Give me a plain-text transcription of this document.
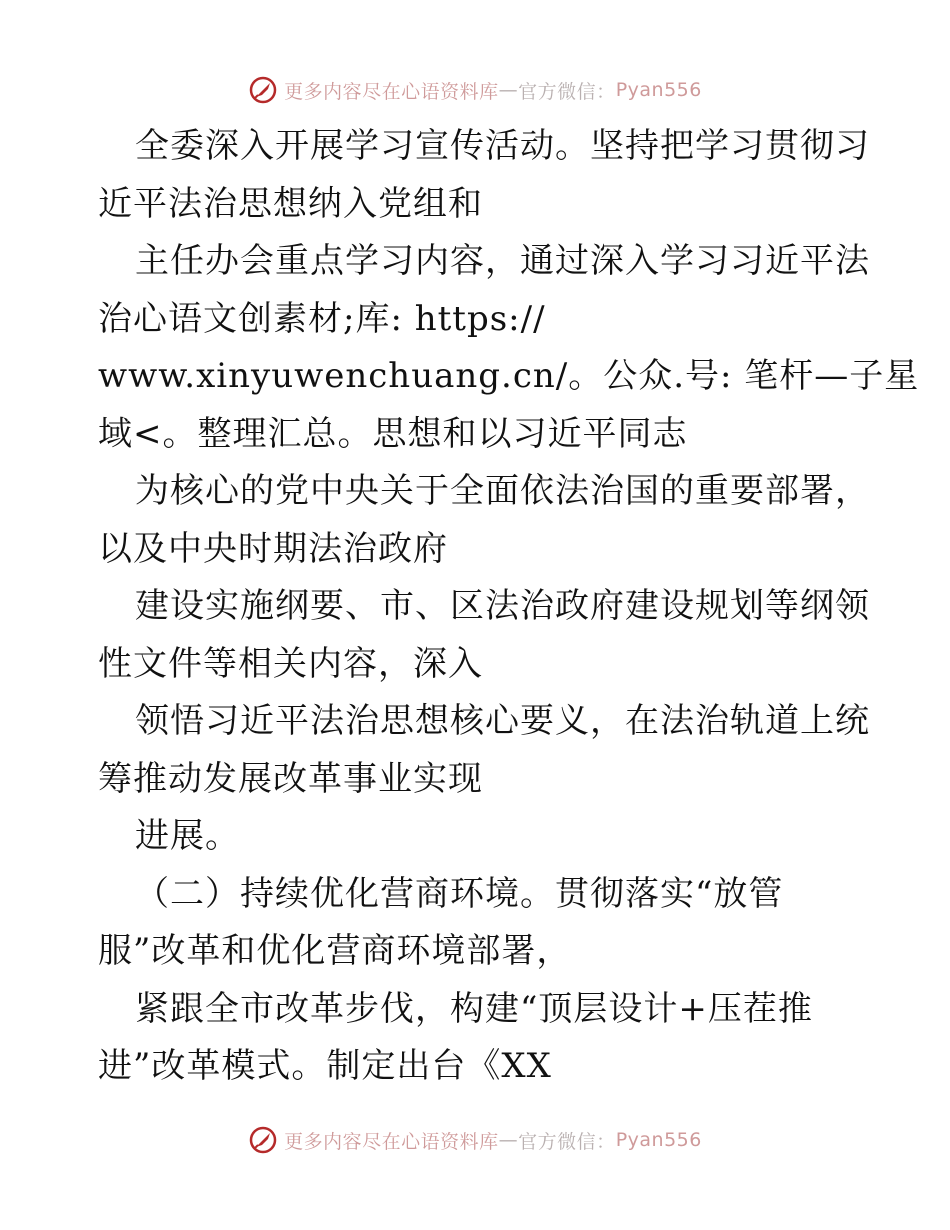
更多内容尽在心语资料库 — 官方微信： Pyan556
全委深入开展学习宣传活动。坚持把学习贯彻习
近平法治思想纳入党组和
主任办会重点学习内容，通过深入学习习近平法
治心语文创素材;库: https://
www.xinyuwenchuang.cn/。公众.号: 笔杆—子星
域<。整理汇总。思想和以习近平同志
为核心的党中央关于全面依法治国的重要部署，
以及中央时期法治政府
建设实施纲要、市、区法治政府建设规划等纲领
性文件等相关内容，深入
领悟习近平法治思想核心要义，在法治轨道上统
筹推动发展改革事业实现
进展。
（二）持续优化营商环境。贯彻落实“放管
服”改革和优化营商环境部署，
紧跟全市改革步伐，构建“顶层设计+压茬推
进”改革模式。制定出台《XX
更多内容尽在心语资料库 — 官方微信： Pyan556
